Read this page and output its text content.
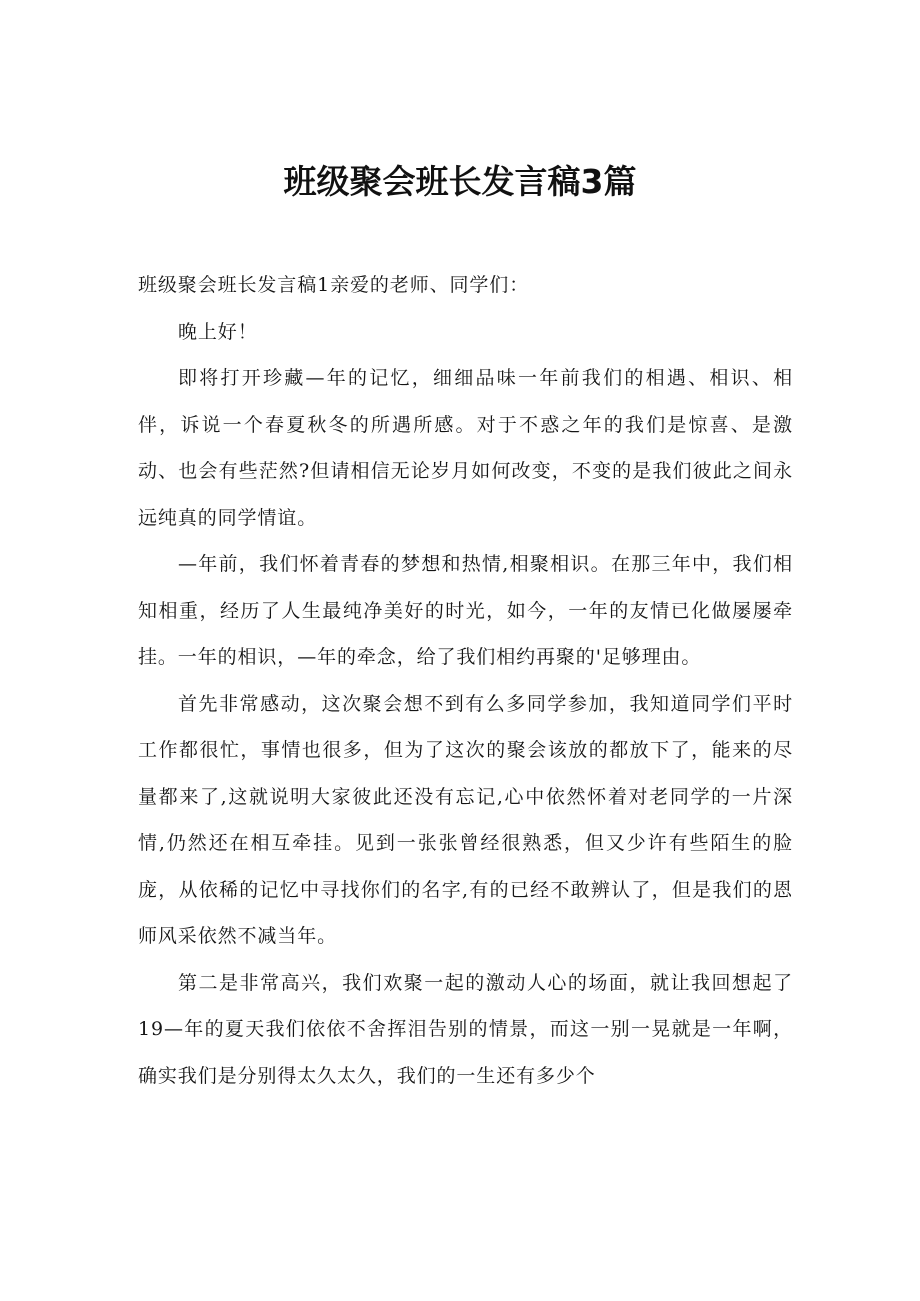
班级聚会班长发言稿3篇

班级聚会班长发言稿1亲爱的老师、同学们：

晚上好！

即将打开珍藏—年的记忆，细细品味一年前我们的相遇、相识、相伴，诉说一个春夏秋冬的所遇所感。对于不惑之年的我们是惊喜、是激动、也会有些茫然?但请相信无论岁月如何改变，不变的是我们彼此之间永远纯真的同学情谊。

—年前，我们怀着青春的梦想和热情,相聚相识。在那三年中，我们相知相重，经历了人生最纯净美好的时光，如今，一年的友情已化做屡屡牵挂。一年的相识，—年的牵念，给了我们相约再聚的'足够理由。

首先非常感动，这次聚会想不到有么多同学参加，我知道同学们平时工作都很忙，事情也很多，但为了这次的聚会该放的都放下了，能来的尽量都来了,这就说明大家彼此还没有忘记,心中依然怀着对老同学的一片深情,仍然还在相互牵挂。见到一张张曾经很熟悉，但又少许有些陌生的脸庞，从依稀的记忆中寻找你们的名字,有的已经不敢辨认了，但是我们的恩师风采依然不减当年。

第二是非常高兴，我们欢聚一起的激动人心的场面，就让我回想起了19—年的夏天我们依依不舍挥泪告别的情景，而这一别一晃就是一年啊，确实我们是分别得太久太久，我们的一生还有多少个
